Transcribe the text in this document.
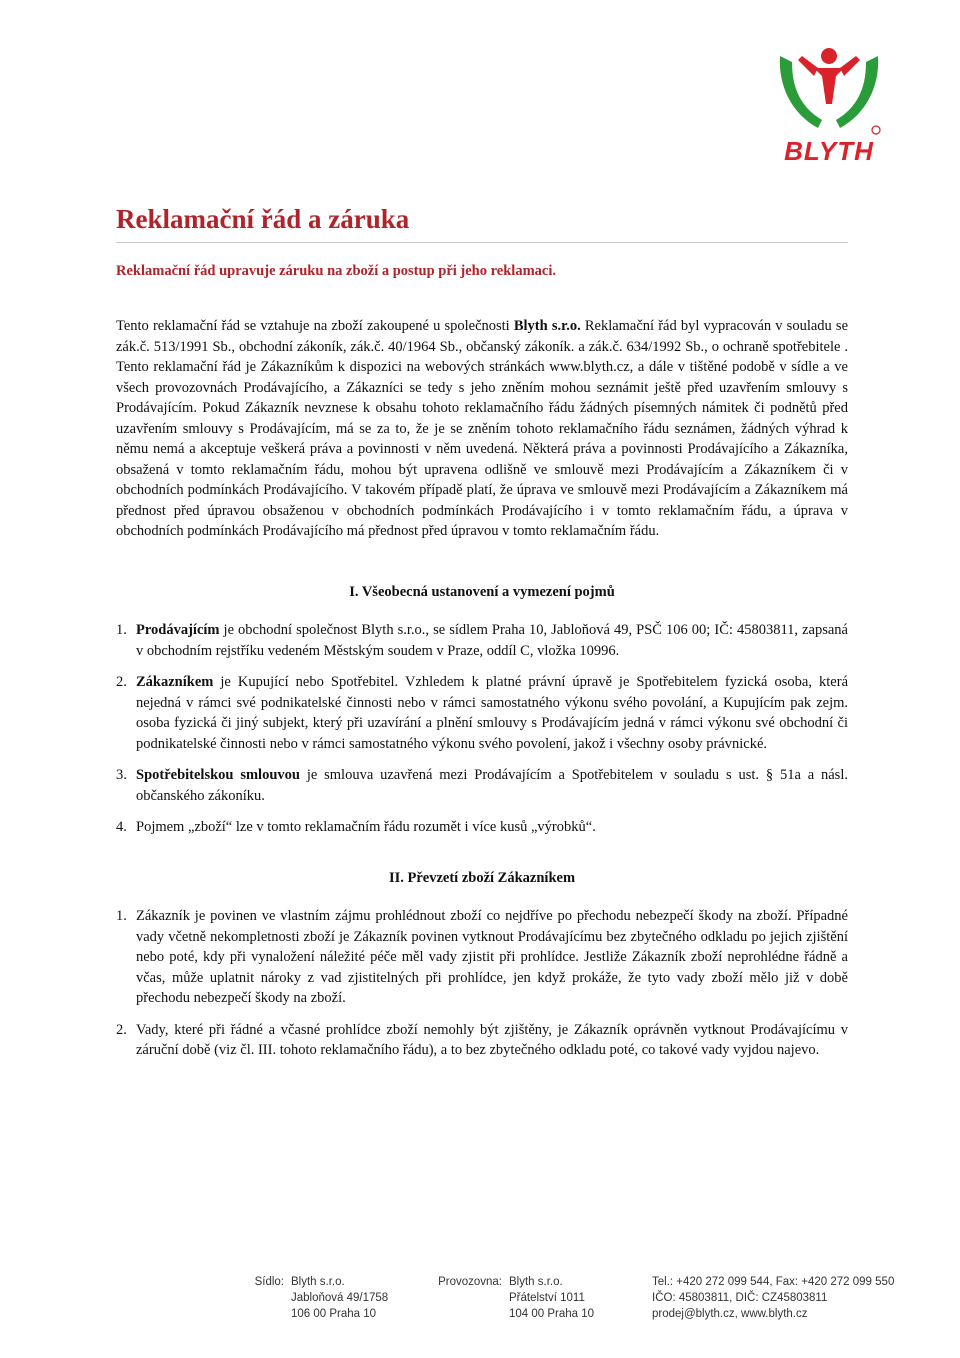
BLYTH
Reklamační řád a záruka
Reklamační řád upravuje záruku na zboží a postup při jeho reklamaci.

Tento reklamační řád se vztahuje na zboží zakoupené u společnosti Blyth s.r.o. Reklamační řád byl vypracován v souladu se zák.č. 513/1991 Sb., obchodní zákoník, zák.č. 40/1964 Sb., občanský zákoník. a zák.č. 634/1992 Sb., o ochraně spotřebitele . Tento reklamační řád je Zákazníkům k dispozici na webových stránkách www.blyth.cz, a dále v tištěné podobě v sídle a ve všech provozovnách Prodávajícího, a Zákazníci se tedy s jeho zněním mohou seznámit ještě před uzavřením smlouvy s Prodávajícím. Pokud Zákazník nevznese k obsahu tohoto reklamačního řádu žádných písemných námitek či podnětů před uzavřením smlouvy s Prodávajícím, má se za to, že je se zněním tohoto reklamačního řádu seznámen, žádných výhrad k němu nemá a akceptuje veškerá práva a povinnosti v něm uvedená. Některá práva a povinnosti Prodávajícího a Zákazníka, obsažená v tomto reklamačním řádu, mohou být upravena odlišně ve smlouvě mezi Prodávajícím a Zákazníkem či v obchodních podmínkách Prodávajícího. V takovém případě platí, že úprava ve smlouvě mezi Prodávajícím a Zákazníkem má přednost před úpravou obsaženou v obchodních podmínkách Prodávajícího i v tomto reklamačním řádu, a úprava v obchodních podmínkách Prodávajícího má přednost před úpravou v tomto reklamačním řádu.

I. Všeobecná ustanovení a vymezení pojmů

1. Prodávajícím je obchodní společnost Blyth s.r.o., se sídlem Praha 10, Jabloňová 49, PSČ 106 00; IČ: 45803811, zapsaná v obchodním rejstříku vedeném Městským soudem v Praze, oddíl C, vložka 10996.

2. Zákazníkem je Kupující nebo Spotřebitel. Vzhledem k platné právní úpravě je Spotřebitelem fyzická osoba, která nejedná v rámci své podnikatelské činnosti nebo v rámci samostatného výkonu svého povolání, a Kupujícím pak zejm. osoba fyzická či jiný subjekt, který při uzavírání a plnění smlouvy s Prodávajícím jedná v rámci výkonu své obchodní či podnikatelské činnosti nebo v rámci samostatného výkonu svého povolení, jakož i všechny osoby právnické.

3. Spotřebitelskou smlouvou je smlouva uzavřená mezi Prodávajícím a Spotřebitelem v souladu s ust. § 51a a násl. občanského zákoníku.

4. Pojmem „zboží“ lze v tomto reklamačním řádu rozumět i více kusů „výrobků“.

II. Převzetí zboží Zákazníkem

1. Zákazník je povinen ve vlastním zájmu prohlédnout zboží co nejdříve po přechodu nebezpečí škody na zboží. Případné vady včetně nekompletnosti zboží je Zákazník povinen vytknout Prodávajícímu bez zbytečného odkladu po jejich zjištění nebo poté, kdy při vynaložení náležité péče měl vady zjistit při prohlídce. Jestliže Zákazník zboží neprohlédne řádně a včas, může uplatnit nároky z vad zjistitelných při prohlídce, jen když prokáže, že tyto vady zboží mělo již v době přechodu nebezpečí škody na zboží.

2. Vady, které při řádné a včasné prohlídce zboží nemohly být zjištěny, je Zákazník oprávněn vytknout Prodávajícímu v záruční době (viz čl. III. tohoto reklamačního řádu), a to bez zbytečného odkladu poté, co takové vady vyjdou najevo.

Sídlo: Blyth s.r.o.
Jabloňová 49/1758
106 00 Praha 10
Provozovna: Blyth s.r.o.
Přátelství 1011
104 00 Praha 10
Tel.: +420 272 099 544, Fax: +420 272 099 550
IČO: 45803811, DIČ: CZ45803811
prodej@blyth.cz, www.blyth.cz
